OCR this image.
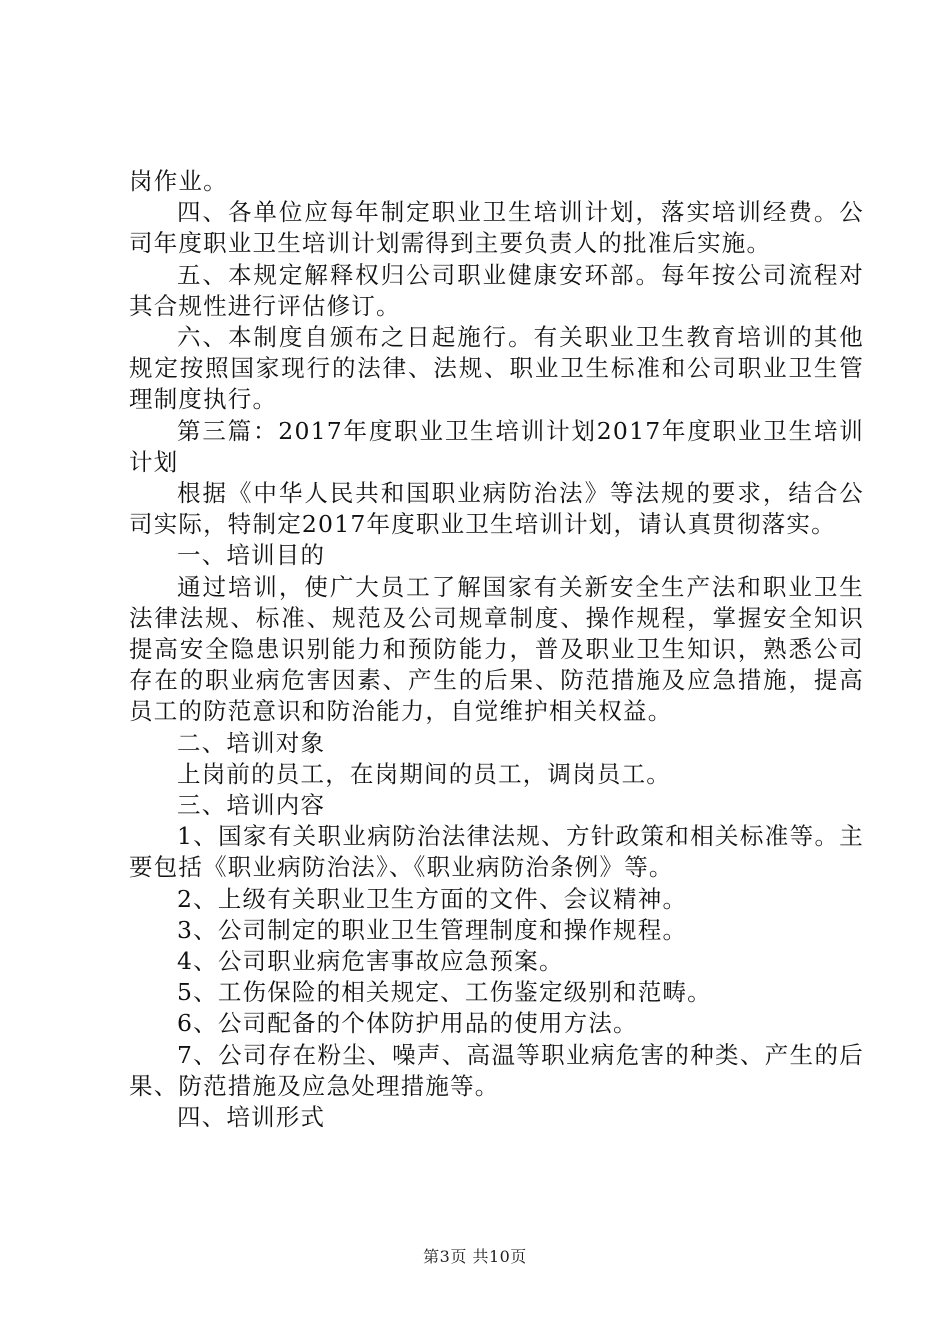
岗作业。

四、各单位应每年制定职业卫生培训计划，落实培训经费。公司年度职业卫生培训计划需得到主要负责人的批准后实施。

五、本规定解释权归公司职业健康安环部。每年按公司流程对其合规性进行评估修订。

六、本制度自颁布之日起施行。有关职业卫生教育培训的其他规定按照国家现行的法律、法规、职业卫生标准和公司职业卫生管理制度执行。

第三篇：2017年度职业卫生培训计划2017年度职业卫生培训计划

根据《中华人民共和国职业病防治法》等法规的要求，结合公司实际，特制定2017年度职业卫生培训计划，请认真贯彻落实。

一、培训目的

通过培训，使广大员工了解国家有关新安全生产法和职业卫生法律法规、标准、规范及公司规章制度、操作规程，掌握安全知识提高安全隐患识别能力和预防能力，普及职业卫生知识，熟悉公司存在的职业病危害因素、产生的后果、防范措施及应急措施，提高员工的防范意识和防治能力，自觉维护相关权益。

二、培训对象

上岗前的员工，在岗期间的员工，调岗员工。

三、培训内容

1、国家有关职业病防治法律法规、方针政策和相关标准等。主要包括《职业病防治法》、《职业病防治条例》等。

2、上级有关职业卫生方面的文件、会议精神。

3、公司制定的职业卫生管理制度和操作规程。

4、公司职业病危害事故应急预案。

5、工伤保险的相关规定、工伤鉴定级别和范畴。

6、公司配备的个体防护用品的使用方法。

7、公司存在粉尘、噪声、高温等职业病危害的种类、产生的后果、防范措施及应急处理措施等。

四、培训形式

第3页 共10页
